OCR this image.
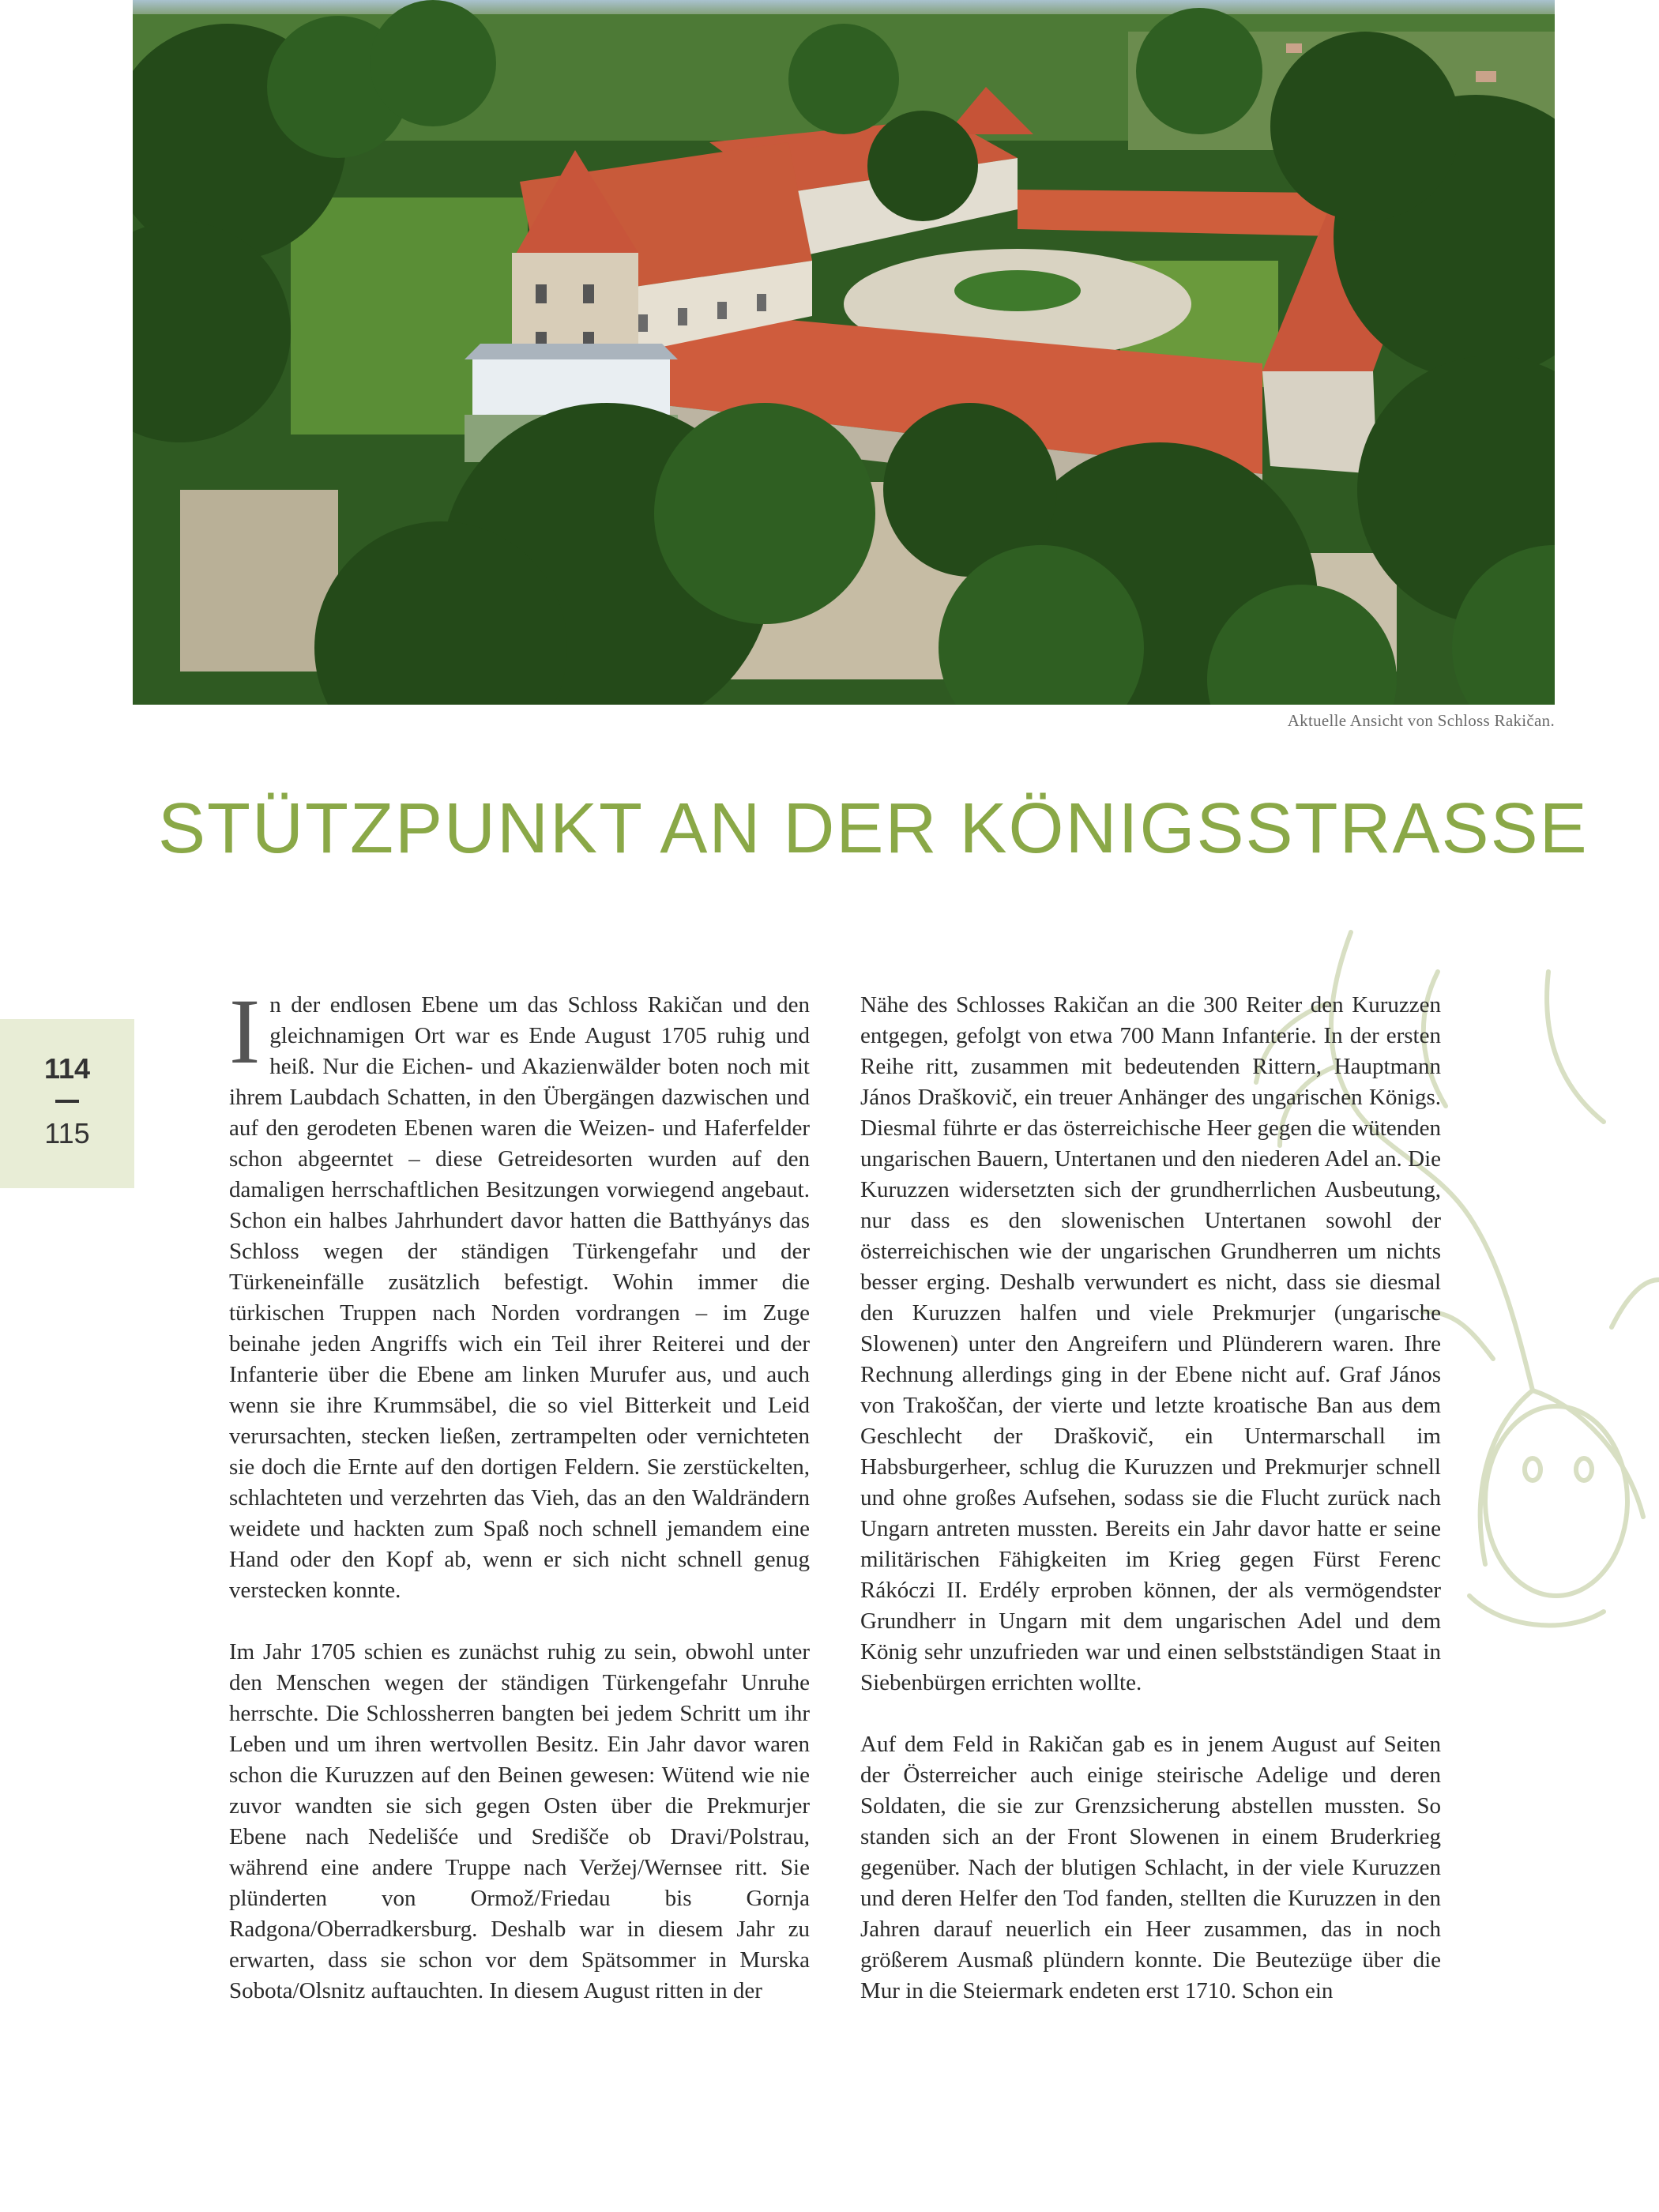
Aktuelle Ansicht von Schloss Rakičan.
STÜTZPUNKT AN DER KÖNIGSSTRASSE
114
115

In der endlosen Ebene um das Schloss Rakičan und den gleichnamigen Ort war es Ende August 1705 ruhig und heiß. Nur die Eichen- und Akazienwälder boten noch mit ihrem Laubdach Schatten, in den Übergängen dazwischen und auf den gerodeten Ebenen waren die Weizen- und Haferfelder schon abgeerntet – diese Getreidesorten wurden auf den damaligen herrschaftlichen Besitzungen vorwiegend angebaut. Schon ein halbes Jahrhundert davor hatten die Batthyánys das Schloss wegen der ständigen Türkengefahr und der Türkeneinfälle zusätzlich befestigt. Wohin immer die türkischen Truppen nach Norden vordrangen – im Zuge beinahe jeden Angriffs wich ein Teil ihrer Reiterei und der Infanterie über die Ebene am linken Murufer aus, und auch wenn sie ihre Krummsäbel, die so viel Bitterkeit und Leid verursachten, stecken ließen, zertrampelten oder vernichteten sie doch die Ernte auf den dortigen Feldern. Sie zerstückelten, schlachteten und verzehrten das Vieh, das an den Waldrändern weidete und hackten zum Spaß noch schnell jemandem eine Hand oder den Kopf ab, wenn er sich nicht schnell genug verstecken konnte.

Im Jahr 1705 schien es zunächst ruhig zu sein, obwohl unter den Menschen wegen der ständigen Türkengefahr Unruhe herrschte. Die Schlossherren bangten bei jedem Schritt um ihr Leben und um ihren wertvollen Besitz. Ein Jahr davor waren schon die Kuruzzen auf den Beinen gewesen: Wütend wie nie zuvor wandten sie sich gegen Osten über die Prekmurjer Ebene nach Nedelišće und Središče ob Dravi/Polstrau, während eine andere Truppe nach Veržej/Wernsee ritt. Sie plünderten von Ormož/Friedau bis Gornja Radgona/Oberradkersburg. Deshalb war in diesem Jahr zu erwarten, dass sie schon vor dem Spätsommer in Murska Sobota/Olsnitz auftauchten. In diesem August ritten in der

Nähe des Schlosses Rakičan an die 300 Reiter den Kuruzzen entgegen, gefolgt von etwa 700 Mann Infanterie. In der ersten Reihe ritt, zusammen mit bedeutenden Rittern, Hauptmann János Draškovič, ein treuer Anhänger des ungarischen Königs. Diesmal führte er das österreichische Heer gegen die wütenden ungarischen Bauern, Untertanen und den niederen Adel an. Die Kuruzzen widersetzten sich der grundherrlichen Ausbeutung, nur dass es den slowenischen Untertanen sowohl der österreichischen wie der ungarischen Grundherren um nichts besser erging. Deshalb verwundert es nicht, dass sie diesmal den Kuruzzen halfen und viele Prekmurjer (ungarische Slowenen) unter den Angreifern und Plünderern waren. Ihre Rechnung allerdings ging in der Ebene nicht auf. Graf János von Trakoščan, der vierte und letzte kroatische Ban aus dem Geschlecht der Draškovič, ein Untermarschall im Habsburgerheer, schlug die Kuruzzen und Prekmurjer schnell und ohne großes Aufsehen, sodass sie die Flucht zurück nach Ungarn antreten mussten. Bereits ein Jahr davor hatte er seine militärischen Fähigkeiten im Krieg gegen Fürst Ferenc Rákóczi II. Erdély erproben können, der als vermögendster Grundherr in Ungarn mit dem ungarischen Adel und dem König sehr unzufrieden war und einen selbstständigen Staat in Siebenbürgen errichten wollte.

Auf dem Feld in Rakičan gab es in jenem August auf Seiten der Österreicher auch einige steirische Adelige und deren Soldaten, die sie zur Grenzsicherung abstellen mussten. So standen sich an der Front Slowenen in einem Bruderkrieg gegenüber. Nach der blutigen Schlacht, in der viele Kuruzzen und deren Helfer den Tod fanden, stellten die Kuruzzen in den Jahren darauf neuerlich ein Heer zusammen, das in noch größerem Ausmaß plündern konnte. Die Beutezüge über die Mur in die Steiermark endeten erst 1710. Schon ein
